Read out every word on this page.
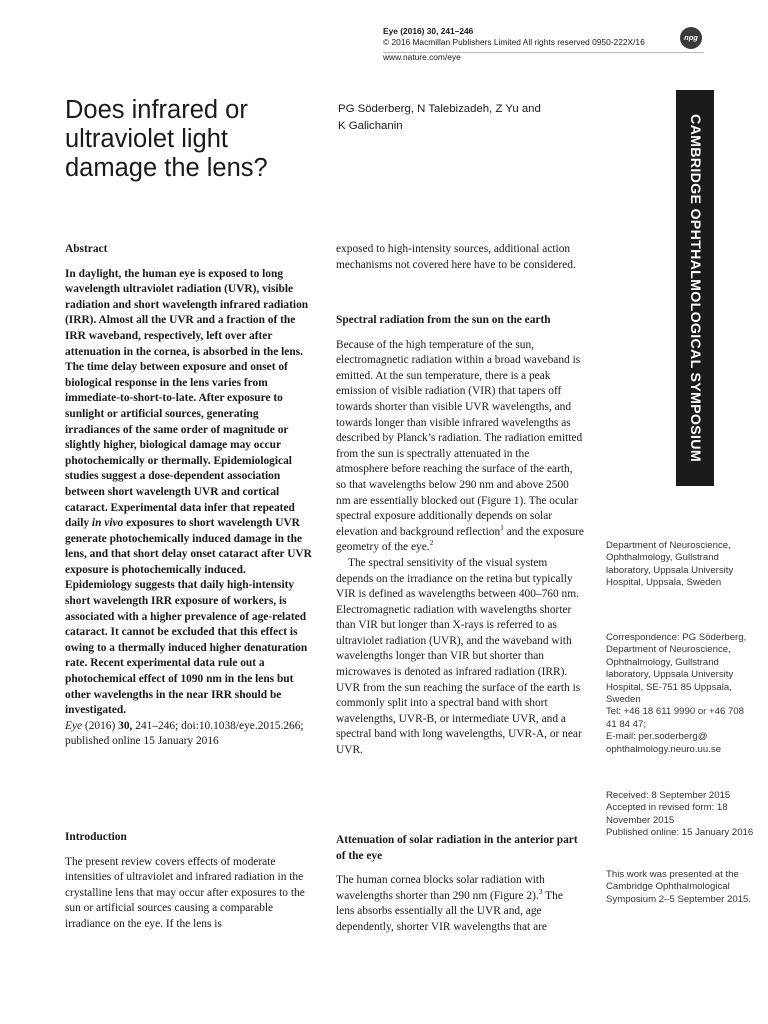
Eye (2016) 30, 241–246
© 2016 Macmillan Publishers Limited All rights reserved 0950-222X/16
www.nature.com/eye
npg
Does infrared or ultraviolet light damage the lens?
PG Söderberg, N Talebizadeh, Z Yu and
K Galichanin	CAMBRIDGE OPHTHALMOLOGICAL SYMPOSIUM

Abstract

In daylight, the human eye is exposed to long wavelength ultraviolet radiation (UVR), visible radiation and short wavelength infrared radiation (IRR). Almost all the UVR and a fraction of the IRR waveband, respectively, left over after attenuation in the cornea, is absorbed in the lens. The time delay between exposure and onset of biological response in the lens varies from immediate-to-short-to-late. After exposure to sunlight or artificial sources, generating irradiances of the same order of magnitude or slightly higher, biological damage may occur photochemically or thermally. Epidemiological studies suggest a dose-dependent association between short wavelength UVR and cortical cataract. Experimental data infer that repeated daily in vivo exposures to short wavelength UVR generate photochemically induced damage in the lens, and that short delay onset cataract after UVR exposure is photochemically induced. Epidemiology suggests that daily high-intensity short wavelength IRR exposure of workers, is associated with a higher prevalence of age-related cataract. It cannot be excluded that this effect is owing to a thermally induced higher denaturation rate. Recent experimental data rule out a photochemical effect of 1090 nm in the lens but other wavelengths in the near IRR should be investigated.

Eye (2016) 30, 241–246; doi:10.1038/eye.2015.266; published online 15 January 2016

Introduction

The present review covers effects of moderate intensities of ultraviolet and infrared radiation in the crystalline lens that may occur after exposures to the sun or artificial sources causing a comparable irradiance on the eye. If the lens is

exposed to high-intensity sources, additional action mechanisms not covered here have to be considered.

Spectral radiation from the sun on the earth

Because of the high temperature of the sun, electromagnetic radiation within a broad waveband is emitted. At the sun temperature, there is a peak emission of visible radiation (VIR) that tapers off towards shorter than visible UVR wavelengths, and towards longer than visible infrared wavelengths as described by Planck’s radiation. The radiation emitted from the sun is spectrally attenuated in the atmosphere before reaching the surface of the earth, so that wavelengths below 290 nm and above 2500 nm are essentially blocked out (Figure 1). The ocular spectral exposure additionally depends on solar elevation and background reflection$^1$ and the exposure geometry of the eye.$^2$

The spectral sensitivity of the visual system depends on the irradiance on the retina but typically VIR is defined as wavelengths between 400–760 nm. Electromagnetic radiation with wavelengths shorter than VIR but longer than X-rays is referred to as ultraviolet radiation (UVR), and the waveband with wavelengths longer than VIR but shorter than microwaves is denoted as infrared radiation (IRR). UVR from the sun reaching the surface of the earth is commonly split into a spectral band with short wavelengths, UVR-B, or intermediate UVR, and a spectral band with long wavelengths, UVR-A, or near UVR.

Attenuation of solar radiation in the anterior part of the eye

The human cornea blocks solar radiation with wavelengths shorter than 290 nm (Figure 2).$^3$ The lens absorbs essentially all the UVR and, age dependently, shorter VIR wavelengths that are

Department of Neuroscience, Ophthalmology, Gullstrand laboratory, Uppsala University Hospital, Uppsala, Sweden

Correspondence: PG Söderberg, Department of Neuroscience, Ophthalmology, Gullstrand laboratory, Uppsala University Hospital, SE-751 85 Uppsala, Sweden

Tel: +46 18 611 9990 or +46 708 41 84 47;

E-mail: per.soderberg@ ophthalmology.neuro.uu.se

Received: 8 September 2015

Accepted in revised form: 18 November 2015

Published online: 15 January 2016

This work was presented at the Cambridge Ophthalmological Symposium 2–5 September 2015.
